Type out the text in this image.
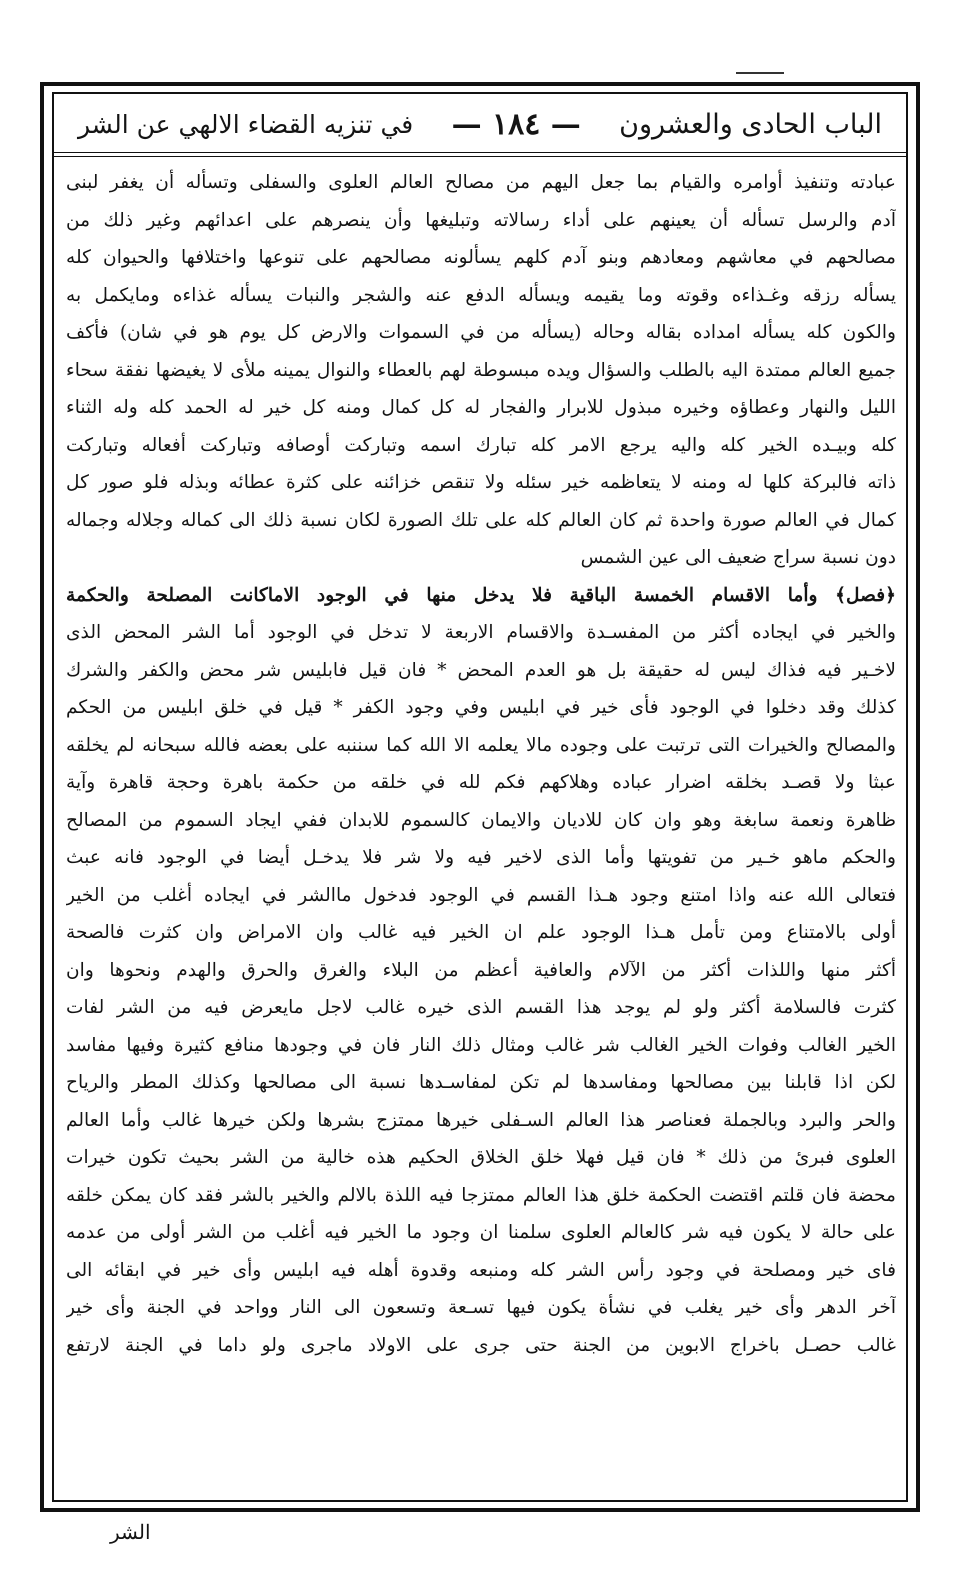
الباب الحادى والعشرون
— ١٨٤ —
في تنزيه القضاء الالهي عن الشر
عبادته وتنفيذ أوامره والقيام بما جعل اليهم من مصالح العالم العلوى والسفلى وتسأله أن يغفر لبنى
آدم والرسل تسأله أن يعينهم على أداء رسالاته وتبليغها وأن ينصرهم على اعدائهم وغير ذلك من
مصالحهم في معاشهم ومعادهم وبنو آدم كلهم يسألونه مصالحهم على تنوعها واختلافها والحيوان كله
يسأله رزقه وغـذاءه وقوته وما يقيمه ويسأله الدفع عنه والشجر والنبات يسأله غذاءه ومايكمل به
والكون كله يسأله امداده بقاله وحاله (يسأله من في السموات والارض كل يوم هو في شان) فأكف
جميع العالم ممتدة اليه بالطلب والسؤال ويده مبسوطة لهم بالعطاء والنوال يمينه ملأى لا يغيضها نفقة سحاء
الليل والنهار وعطاؤه وخيره مبذول للابرار والفجار له كل كمال ومنه كل خير له الحمد كله وله الثناء
كله وبيـده الخير كله واليه يرجع الامر كله تبارك اسمه وتباركت أوصافه وتباركت أفعاله وتباركت
ذاته فالبركة كلها له ومنه لا يتعاظمه خير سئله ولا تنقص خزائنه على كثرة عطائه وبذله فلو صور كل
كمال في العالم صورة واحدة ثم كان العالم كله على تلك الصورة لكان نسبة ذلك الى كماله وجلاله وجماله
دون نسبة سراج ضعيف الى عين الشمس
﴿فصل﴾ وأما الاقسام الخمسة الباقية فلا يدخل منها في الوجود الاماكانت المصلحة والحكمة
والخير في ايجاده أكثر من المفسـدة والاقسام الاربعة لا تدخل في الوجود أما الشر المحض الذى
لاخـير فيه فذاك ليس له حقيقة بل هو العدم المحض * فان قيل فابليس شر محض والكفر والشرك
كذلك وقد دخلوا في الوجود فأى خير في ابليس وفي وجود الكفر * قيل في خلق ابليس من الحكم
والمصالح والخيرات التى ترتبت على وجوده مالا يعلمه الا الله كما سننبه على بعضه فالله سبحانه لم يخلقه
عبثا ولا قصـد بخلقه اضرار عباده وهلاكهم فكم لله في خلقه من حكمة باهرة وحجة قاهرة وآية
ظاهرة ونعمة سابغة وهو وان كان للاديان والايمان كالسموم للابدان ففي ايجاد السموم من المصالح
والحكم ماهو خـير من تفويتها وأما الذى لاخير فيه ولا شر فلا يدخـل أيضا في الوجود فانه عبث
فتعالى الله عنه واذا امتنع وجود هـذا القسم في الوجود فدخول ماالشر في ايجاده أغلب من الخير
أولى بالامتناع ومن تأمل هـذا الوجود علم ان الخير فيه غالب وان الامراض وان كثرت فالصحة
أكثر منها واللذات أكثر من الآلام والعافية أعظم من البلاء والغرق والحرق والهدم ونحوها وان
كثرت فالسلامة أكثر ولو لم يوجد هذا القسم الذى خيره غالب لاجل مايعرض فيه من الشر لفات
الخير الغالب وفوات الخير الغالب شر غالب ومثال ذلك النار فان في وجودها منافع كثيرة وفيها مفاسد
لكن اذا قابلنا بين مصالحها ومفاسدها لم تكن لمفاسـدها نسبة الى مصالحها وكذلك المطر والرياح
والحر والبرد وبالجملة فعناصر هذا العالم السـفلى خيرها ممتزج بشرها ولكن خيرها غالب وأما العالم
العلوى فبرئ من ذلك * فان قيل فهلا خلق الخلاق الحكيم هذه خالية من الشر بحيث تكون خيرات
محضة فان قلتم اقتضت الحكمة خلق هذا العالم ممتزجا فيه اللذة بالالم والخير بالشر فقد كان يمكن خلقه
على حالة لا يكون فيه شر كالعالم العلوى سلمنا ان وجود ما الخير فيه أغلب من الشر أولى من عدمه
فاى خير ومصلحة في وجود رأس الشر كله ومنبعه وقدوة أهله فيه ابليس وأى خير في ابقائه الى
آخر الدهر وأى خير يغلب في نشأة يكون فيها تسـعة وتسعون الى النار وواحد في الجنة وأى خير
غالب حصـل باخراج الابوين من الجنة حتى جرى على الاولاد ماجرى ولو داما في الجنة لارتفع
الشر
